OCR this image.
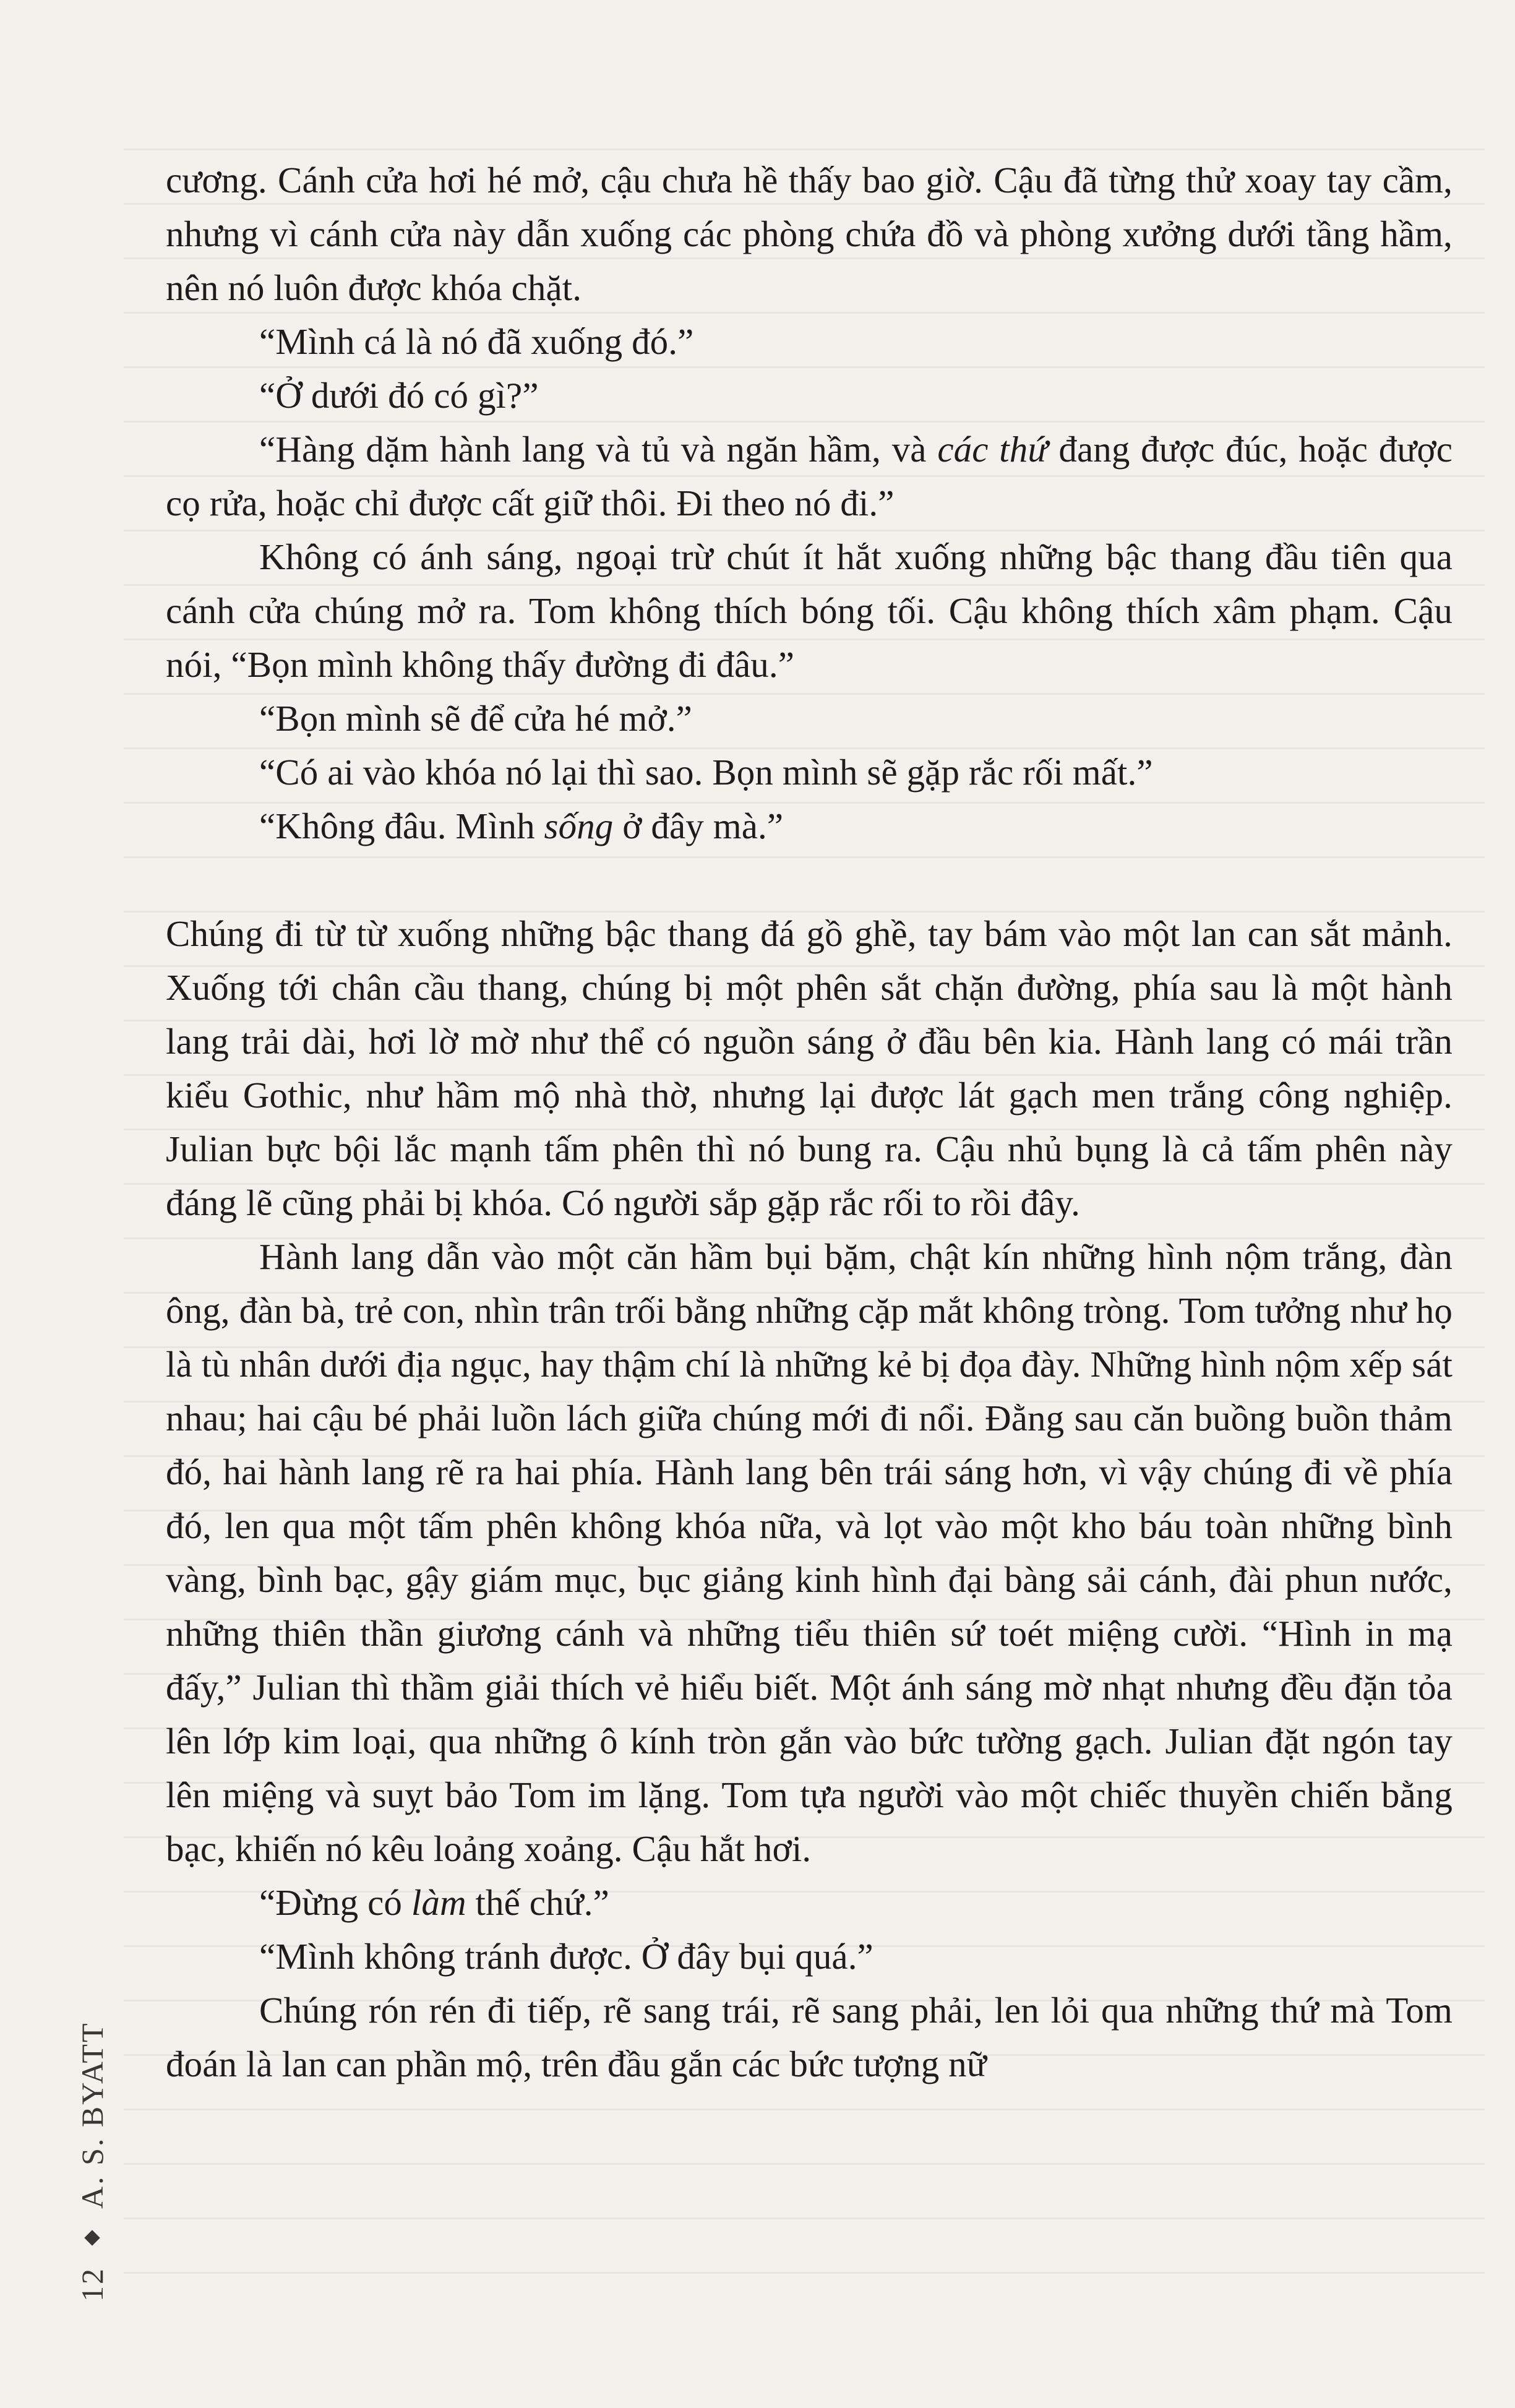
cương. Cánh cửa hơi hé mở, cậu chưa hề thấy bao giờ. Cậu đã từng thử xoay tay cầm, nhưng vì cánh cửa này dẫn xuống các phòng chứa đồ và phòng xưởng dưới tầng hầm, nên nó luôn được khóa chặt.

“Mình cá là nó đã xuống đó.”

“Ở dưới đó có gì?”

“Hàng dặm hành lang và tủ và ngăn hầm, và các thứ đang được đúc, hoặc được cọ rửa, hoặc chỉ được cất giữ thôi. Đi theo nó đi.”

Không có ánh sáng, ngoại trừ chút ít hắt xuống những bậc thang đầu tiên qua cánh cửa chúng mở ra. Tom không thích bóng tối. Cậu không thích xâm phạm. Cậu nói, “Bọn mình không thấy đường đi đâu.”

“Bọn mình sẽ để cửa hé mở.”

“Có ai vào khóa nó lại thì sao. Bọn mình sẽ gặp rắc rối mất.”

“Không đâu. Mình sống ở đây mà.”

Chúng đi từ từ xuống những bậc thang đá gồ ghề, tay bám vào một lan can sắt mảnh. Xuống tới chân cầu thang, chúng bị một phên sắt chặn đường, phía sau là một hành lang trải dài, hơi lờ mờ như thể có nguồn sáng ở đầu bên kia. Hành lang có mái trần kiểu Gothic, như hầm mộ nhà thờ, nhưng lại được lát gạch men trắng công nghiệp. Julian bực bội lắc mạnh tấm phên thì nó bung ra. Cậu nhủ bụng là cả tấm phên này đáng lẽ cũng phải bị khóa. Có người sắp gặp rắc rối to rồi đây.

Hành lang dẫn vào một căn hầm bụi bặm, chật kín những hình nộm trắng, đàn ông, đàn bà, trẻ con, nhìn trân trối bằng những cặp mắt không tròng. Tom tưởng như họ là tù nhân dưới địa ngục, hay thậm chí là những kẻ bị đọa đày. Những hình nộm xếp sát nhau; hai cậu bé phải luồn lách giữa chúng mới đi nổi. Đằng sau căn buồng buồn thảm đó, hai hành lang rẽ ra hai phía. Hành lang bên trái sáng hơn, vì vậy chúng đi về phía đó, len qua một tấm phên không khóa nữa, và lọt vào một kho báu toàn những bình vàng, bình bạc, gậy giám mục, bục giảng kinh hình đại bàng sải cánh, đài phun nước, những thiên thần giương cánh và những tiểu thiên sứ toét miệng cười. “Hình in mạ đấy,” Julian thì thầm giải thích vẻ hiểu biết. Một ánh sáng mờ nhạt nhưng đều đặn tỏa lên lớp kim loại, qua những ô kính tròn gắn vào bức tường gạch. Julian đặt ngón tay lên miệng và suỵt bảo Tom im lặng. Tom tựa người vào một chiếc thuyền chiến bằng bạc, khiến nó kêu loảng xoảng. Cậu hắt hơi.

“Đừng có làm thế chứ.”

“Mình không tránh được. Ở đây bụi quá.”

Chúng rón rén đi tiếp, rẽ sang trái, rẽ sang phải, len lỏi qua những thứ mà Tom đoán là lan can phần mộ, trên đầu gắn các bức tượng nữ

12
A. S. BYATT
